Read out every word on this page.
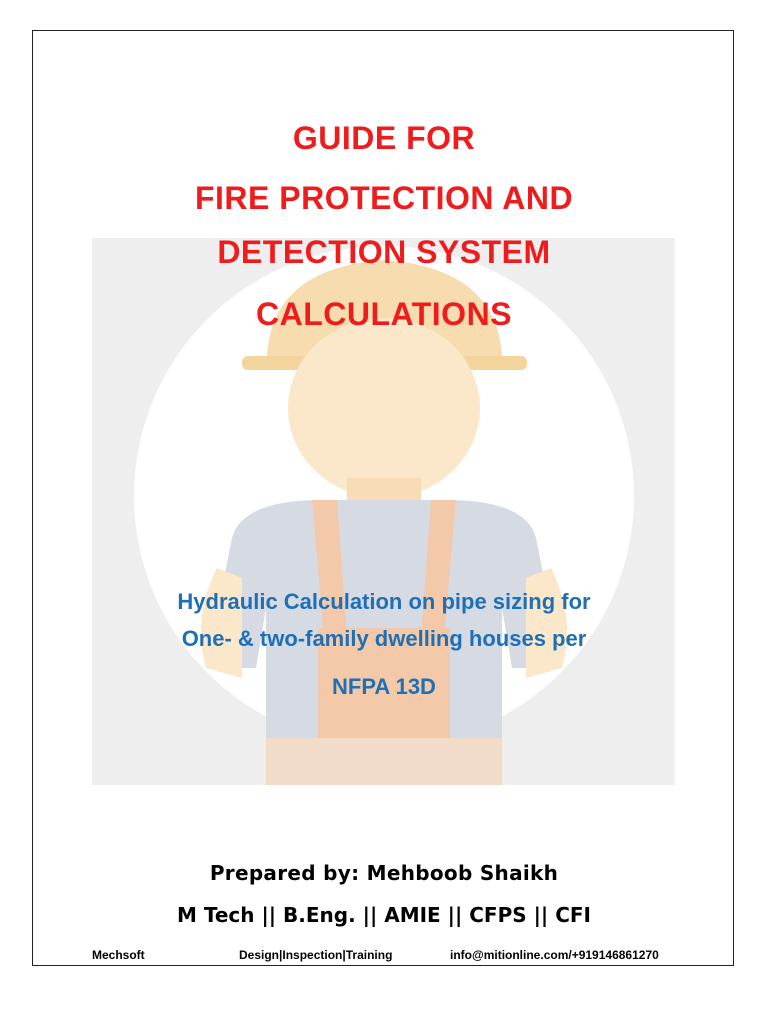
GUIDE FOR
FIRE PROTECTION AND
DETECTION SYSTEM
CALCULATIONS
Hydraulic Calculation on pipe sizing for
One- & two-family dwelling houses per
NFPA 13D
Prepared by: Mehboob Shaikh
M Tech || B.Eng. || AMIE || CFPS || CFI
Mechsoft	Design|Inspection|Training	info@mitionline.com/+919146861270
